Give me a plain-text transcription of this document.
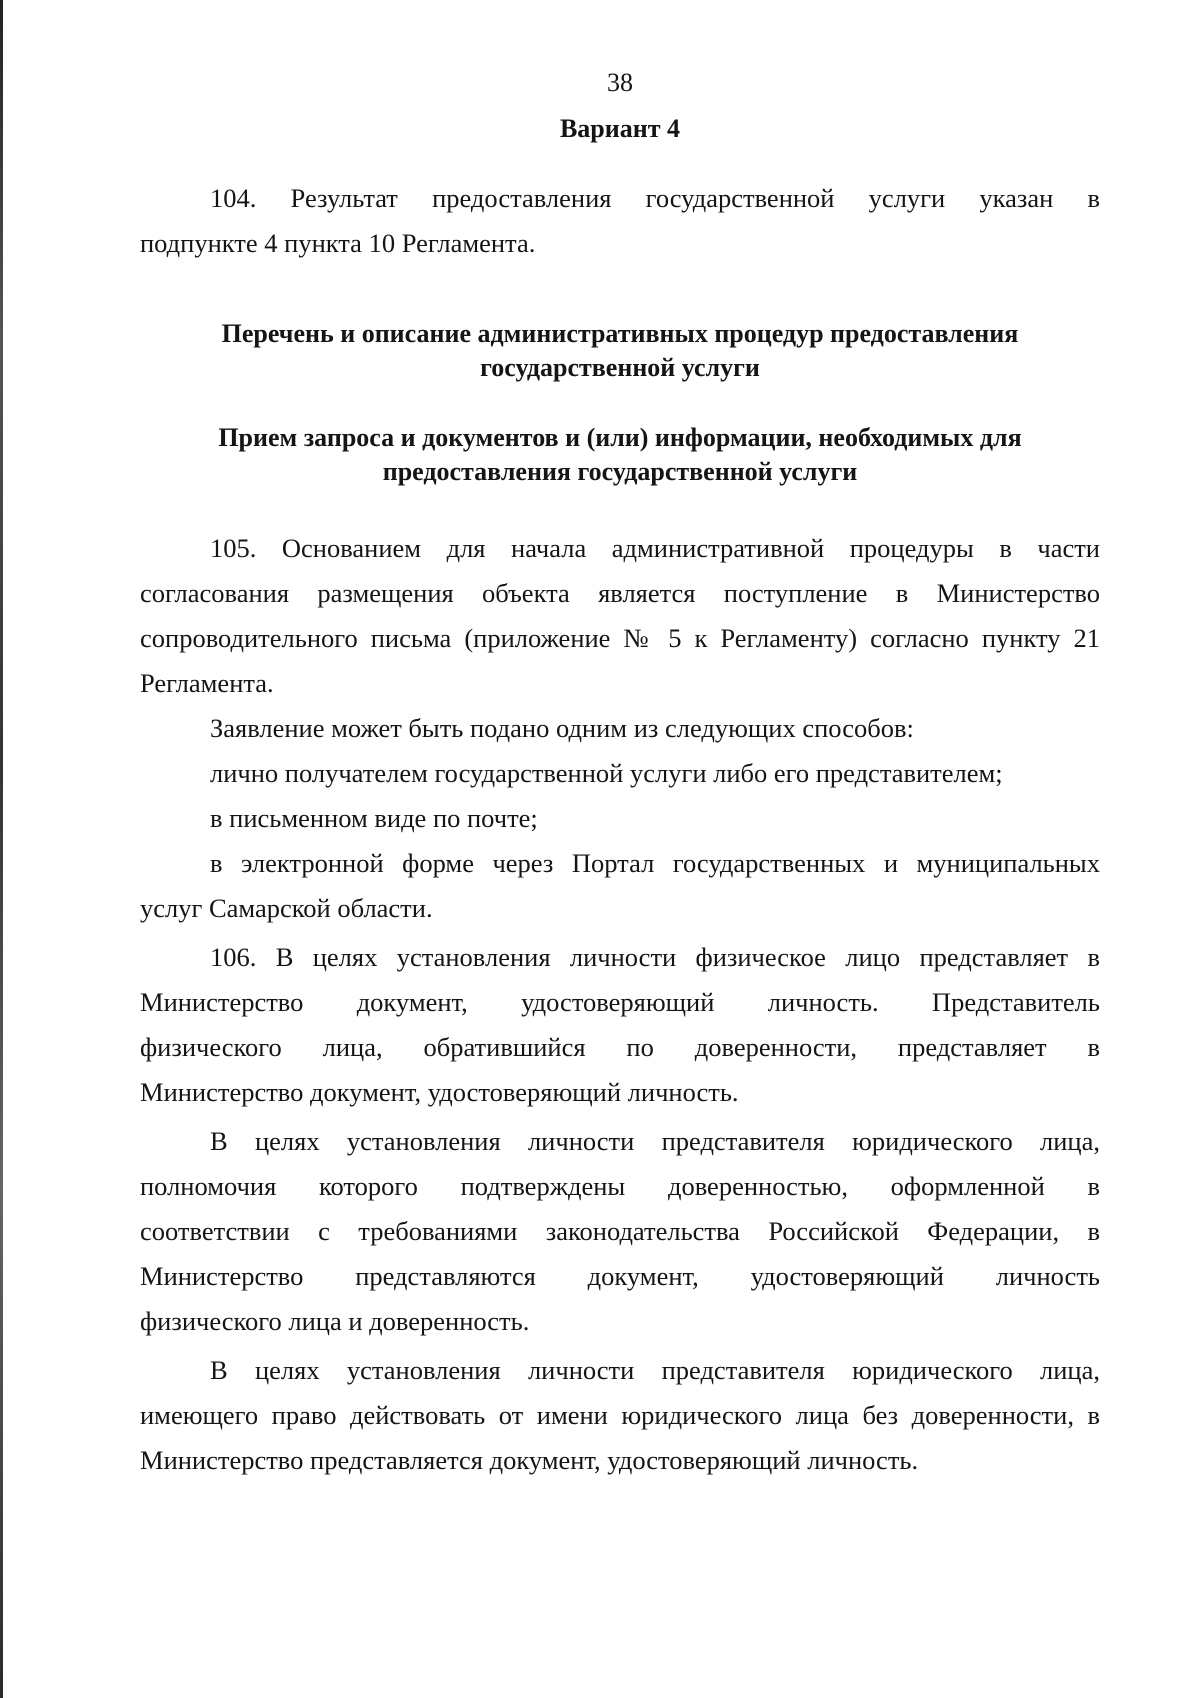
38
Вариант 4
104. Результат предоставления государственной услуги указан в
подпункте 4 пункта 10 Регламента.
Перечень и описание административных процедур предоставления
государственной услуги
Прием запроса и документов и (или) информации, необходимых для
предоставления государственной услуги
105. Основанием для начала административной процедуры в части
согласования размещения объекта является поступление в Министерство
сопроводительного письма (приложение № 5 к Регламенту) согласно пункту 21
Регламента.
Заявление может быть подано одним из следующих способов:
лично получателем государственной услуги либо его представителем;
в письменном виде по почте;
в электронной форме через Портал государственных и муниципальных
услуг Самарской области.
106. В целях установления личности физическое лицо представляет в
Министерство документ, удостоверяющий личность. Представитель
физического лица, обратившийся по доверенности, представляет в
Министерство документ, удостоверяющий личность.
В целях установления личности представителя юридического лица,
полномочия которого подтверждены доверенностью, оформленной в
соответствии с требованиями законодательства Российской Федерации, в
Министерство представляются документ, удостоверяющий личность
физического лица и доверенность.
В целях установления личности представителя юридического лица,
имеющего право действовать от имени юридического лица без доверенности, в
Министерство представляется документ, удостоверяющий личность.
